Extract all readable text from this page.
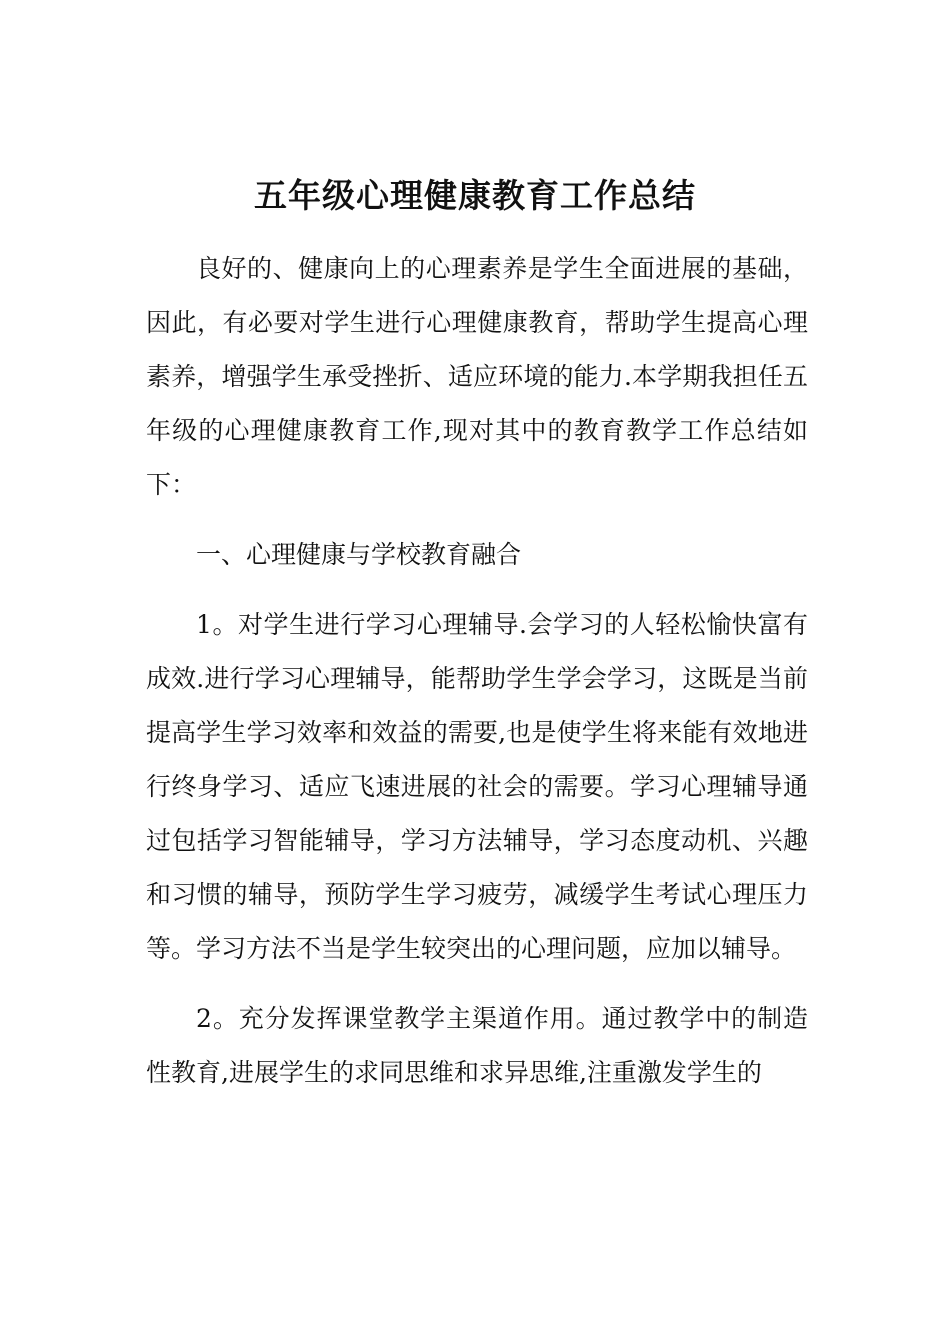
五年级心理健康教育工作总结

良好的、健康向上的心理素养是学生全面进展的基础，因此，有必要对学生进行心理健康教育，帮助学生提高心理素养，增强学生承受挫折、适应环境的能力.本学期我担任五年级的心理健康教育工作,现对其中的教育教学工作总结如下：

一、心理健康与学校教育融合

1。对学生进行学习心理辅导.会学习的人轻松愉快富有成效.进行学习心理辅导，能帮助学生学会学习，这既是当前提高学生学习效率和效益的需要,也是使学生将来能有效地进行终身学习、适应飞速进展的社会的需要。学习心理辅导通过包括学习智能辅导，学习方法辅导，学习态度动机、兴趣和习惯的辅导，预防学生学习疲劳，减缓学生考试心理压力等。学习方法不当是学生较突出的心理问题，应加以辅导。

2。充分发挥课堂教学主渠道作用。通过教学中的制造性教育,进展学生的求同思维和求异思维,注重激发学生的
